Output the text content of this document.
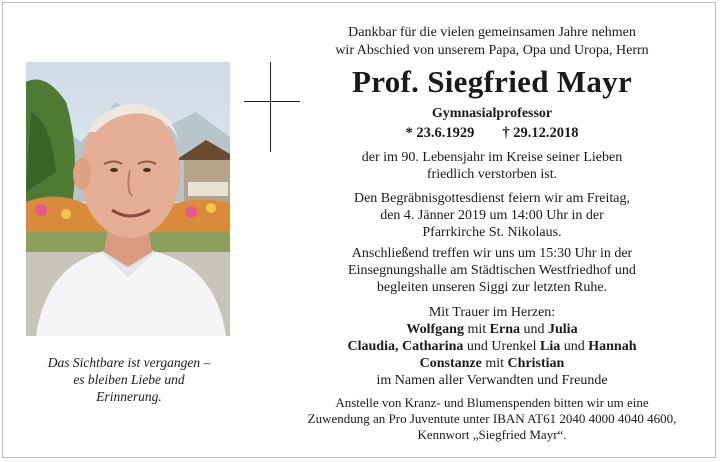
Das Sichtbare ist vergangen –
es bleiben Liebe und
Erinnerung.
Dankbar für die vielen gemeinsamen Jahre nehmen
wir Abschied von unserem Papa, Opa und Uropa, Herrn
Prof. Siegfried Mayr
Gymnasialprofessor
* 23.6.1929 † 29.12.2018
der im 90. Lebensjahr im Kreise seiner Lieben
friedlich verstorben ist.
Den Begräbnisgottesdienst feiern wir am Freitag,
den 4. Jänner 2019 um 14:00 Uhr in der
Pfarrkirche St. Nikolaus.
Anschließend treffen wir uns um 15:30 Uhr in der
Einsegnungshalle am Städtischen Westfriedhof und
begleiten unseren Siggi zur letzten Ruhe.
Mit Trauer im Herzen:
Wolfgang mit Erna und Julia
Claudia, Catharina und Urenkel Lia und Hannah
Constanze mit Christian
im Namen aller Verwandten und Freunde
Anstelle von Kranz- und Blumenspenden bitten wir um eine
Zuwendung an Pro Juventute unter IBAN AT61 2040 4000 4040 4600,
Kennwort „Siegfried Mayr“.
